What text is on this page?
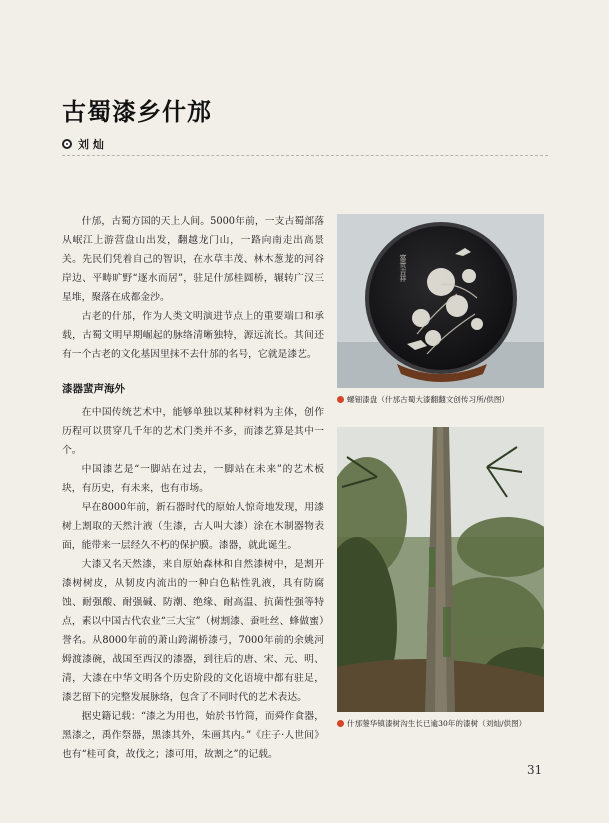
古蜀漆乡什邡
刘 灿

什邡，古蜀方国的天上人间。5000年前，一支古蜀部落从岷江上游营盘山出发，翻越龙门山，一路向南走出高景关。先民们凭着自己的智识，在水草丰茂、林木葱茏的河谷岸边、平畴旷野“逐水而居”，驻足什邡桂圆桥，辗转广汉三星堆，聚落在成都金沙。

古老的什邡，作为人类文明演进节点上的重要端口和承载，古蜀文明早期崛起的脉络清晰独特，源远流长。其间还有一个古老的文化基因里抹不去什邡的名号，它就是漆艺。

漆器蜚声海外

在中国传统艺术中，能够单独以某种材料为主体，创作历程可以贯穿几千年的艺术门类并不多，而漆艺算是其中一个。

中国漆艺是“一脚站在过去，一脚站在未来”的艺术板块，有历史，有未来，也有市场。

早在8000年前，新石器时代的原始人惊奇地发现，用漆树上割取的天然汁液（生漆，古人叫大漆）涂在木制器物表面，能带来一层经久不朽的保护膜。漆器，就此诞生。

大漆又名天然漆，来自原始森林和自然漆树中，是割开漆树树皮，从韧皮内流出的一种白色粘性乳液，具有防腐蚀、耐强酸、耐强碱、防潮、绝缘、耐高温、抗菌性强等特点，素以中国古代农业“三大宝”（树割漆、蚕吐丝、蜂做蜜）誉名。从8000年前的萧山跨湖桥漆弓，7000年前的余姚河姆渡漆碗，战国至西汉的漆器，到往后的唐、宋、元、明、清，大漆在中华文明各个历史阶段的文化语境中都有驻足，漆艺留下的完整发展脉络，包含了不同时代的艺术表达。

据史籍记载：“漆之为用也，始於书竹简，而舜作食器，黑漆之，禹作祭器，黑漆其外，朱画其内。”《庄子·人世间》也有“桂可食，故伐之；漆可用，故割之”的记载。

富贵吉祥
螺钿漆盘（什邡古蜀大漆翻翻文创传习所/供图）
什邡蓥华镇漆树沟生长已逾30年的漆树（刘灿/供图）
31
